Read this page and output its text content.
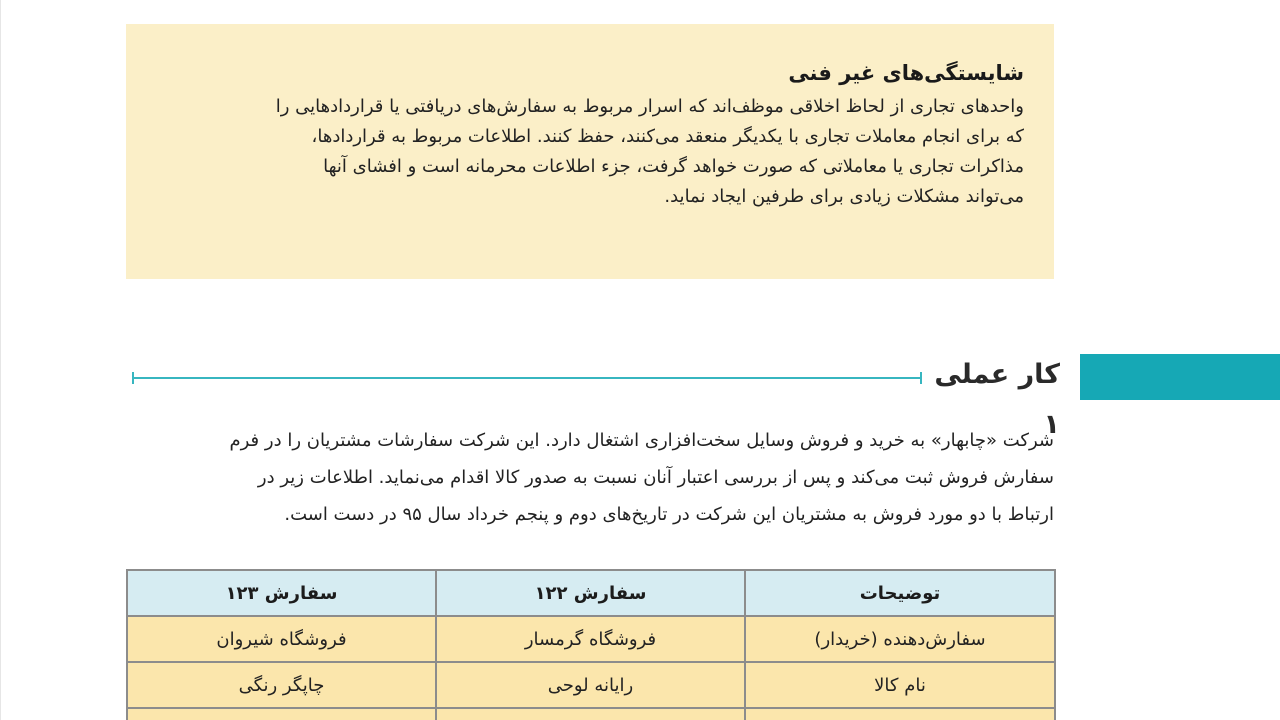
شایستگی‌های غیر فنی
واحدهای تجاری از لحاظ اخلاقی موظف‌اند که اسرار مربوط به سفارش‌های دریافتی یا قراردادهایی را
که برای انجام معاملات تجاری با یکدیگر منعقد می‌کنند، حفظ کنند. اطلاعات مربوط به قراردادها،
مذاکرات تجاری یا معاملاتی که صورت خواهد گرفت، جزء اطلاعات محرمانه است و افشای آنها
می‌تواند مشکلات زیادی برای طرفین ایجاد نماید.
کار عملی ۱
شرکت «چابهار» به خرید و فروش وسایل سخت‌افزاری اشتغال دارد. این شرکت سفارشات مشتریان را در فرم
سفارش فروش ثبت می‌کند و پس از بررسی اعتبار آنان نسبت به صدور کالا اقدام می‌نماید. اطلاعات زیر در
ارتباط با دو مورد فروش به مشتریان این شرکت در تاریخ‌های دوم و پنجم خرداد سال ۹۵ در دست است.
توضیحات	سفارش ۱۲۲	سفارش ۱۲۳
سفارش‌دهنده (خریدار)	فروشگاه گرمسار	فروشگاه شیروان
نام کالا	رایانه لوحی	چاپگر رنگی
